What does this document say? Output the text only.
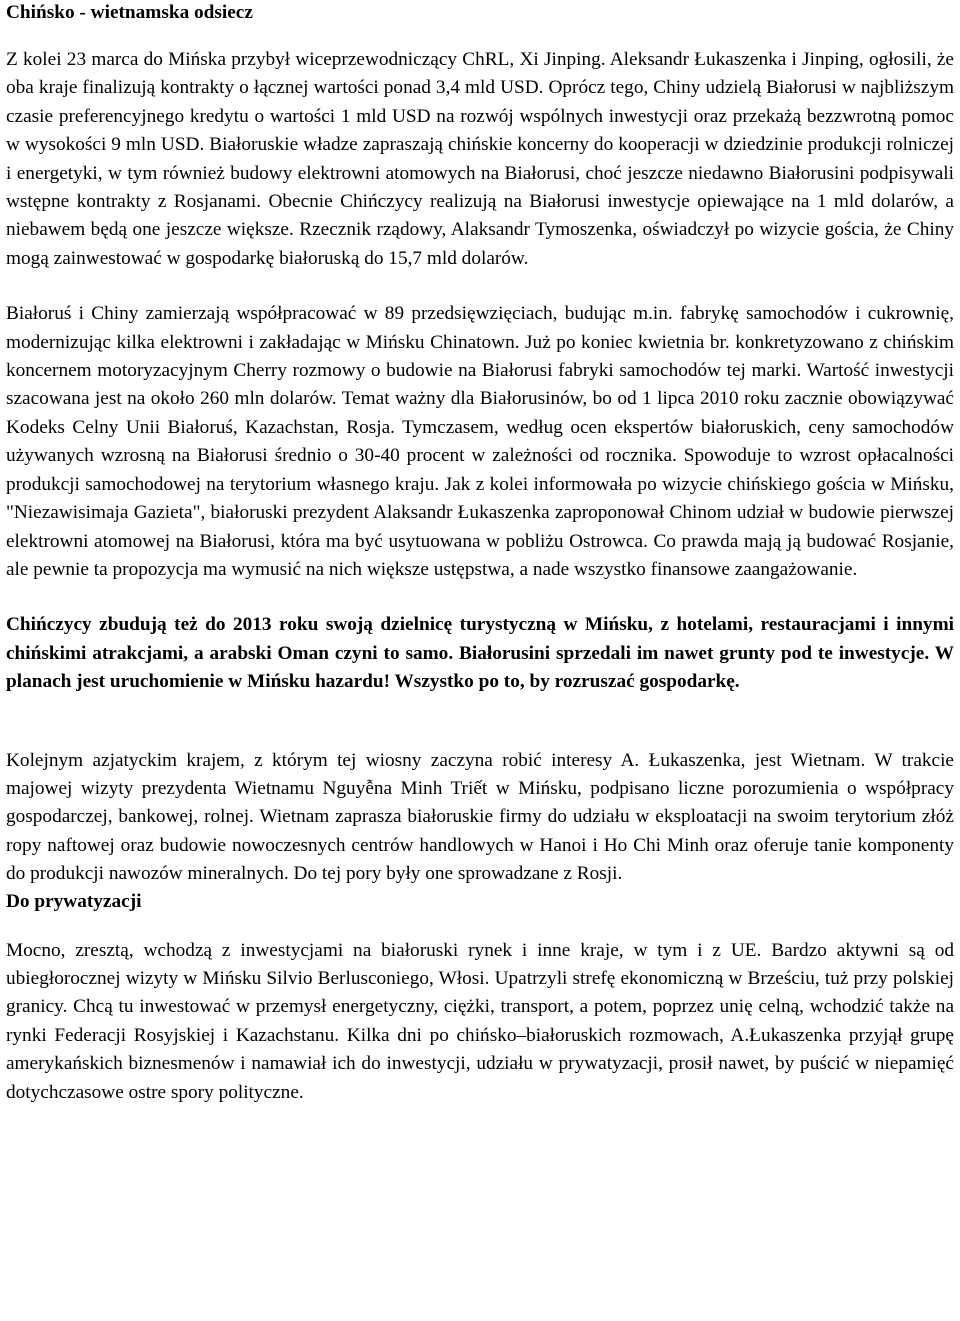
Chińsko - wietnamska odsiecz

Z kolei 23 marca do Mińska przybył wiceprzewodniczący ChRL, Xi Jinping. Aleksandr Łukaszenka i Jinping, ogłosili, że oba kraje finalizują kontrakty o łącznej wartości ponad 3,4 mld USD. Oprócz tego, Chiny udzielą Białorusi w najbliższym czasie preferencyjnego kredytu o wartości 1 mld USD na rozwój wspólnych inwestycji oraz przekażą bezzwrotną pomoc w wysokości 9 mln USD. Białoruskie władze zapraszają chińskie koncerny do kooperacji w dziedzinie produkcji rolniczej i energetyki, w tym również budowy elektrowni atomowych na Białorusi, choć jeszcze niedawno Białorusini podpisywali wstępne kontrakty z Rosjanami. Obecnie Chińczycy realizują na Białorusi inwestycje opiewające na 1 mld dolarów, a niebawem będą one jeszcze większe. Rzecznik rządowy, Alaksandr Tymoszenka, oświadczył po wizycie gościa, że Chiny mogą zainwestować w gospodarkę białoruską do 15,7 mld dolarów.

Białoruś i Chiny zamierzają współpracować w 89 przedsięwzięciach, budując m.in. fabrykę samochodów i cukrownię, modernizując kilka elektrowni i zakładając w Mińsku Chinatown. Już po koniec kwietnia br. konkretyzowano z chińskim koncernem motoryzacyjnym Cherry rozmowy o budowie na Białorusi fabryki samochodów tej marki. Wartość inwestycji szacowana jest na około 260 mln dolarów. Temat ważny dla Białorusinów, bo od 1 lipca 2010 roku zacznie obowiązywać Kodeks Celny Unii Białoruś, Kazachstan, Rosja. Tymczasem, według ocen ekspertów białoruskich, ceny samochodów używanych wzrosną na Białorusi średnio o 30-40 procent w zależności od rocznika. Spowoduje to wzrost opłacalności produkcji samochodowej na terytorium własnego kraju. Jak z kolei informowała po wizycie chińskiego gościa w Mińsku, "Niezawisimaja Gazieta", białoruski prezydent Alaksandr Łukaszenka zaproponował Chinom udział w budowie pierwszej elektrowni atomowej na Białorusi, która ma być usytuowana w pobliżu Ostrowca. Co prawda mają ją budować Rosjanie, ale pewnie ta propozycja ma wymusić na nich większe ustępstwa, a nade wszystko finansowe zaangażowanie.

Chińczycy zbudują też do 2013 roku swoją dzielnicę turystyczną w Mińsku, z hotelami, restauracjami i innymi chińskimi atrakcjami, a arabski Oman czyni to samo. Białorusini sprzedali im nawet grunty pod te inwestycje. W planach jest uruchomienie w Mińsku hazardu! Wszystko po to, by rozruszać gospodarkę.

Kolejnym azjatyckim krajem, z którym tej wiosny zaczyna robić interesy A. Łukaszenka, jest Wietnam. W trakcie majowej wizyty prezydenta Wietnamu Nguyễna Minh Triết w Mińsku, podpisano liczne porozumienia o współpracy gospodarczej, bankowej, rolnej. Wietnam zaprasza białoruskie firmy do udziału w eksploatacji na swoim terytorium złóż ropy naftowej oraz budowie nowoczesnych centrów handlowych w Hanoi i Ho Chi Minh oraz oferuje tanie komponenty do produkcji nawozów mineralnych. Do tej pory były one sprowadzane z Rosji.

Do prywatyzacji

Mocno, zresztą, wchodzą z inwestycjami na białoruski rynek i inne kraje, w tym i z UE. Bardzo aktywni są od ubiegłorocznej wizyty w Mińsku Silvio Berlusconiego, Włosi. Upatrzyli strefę ekonomiczną w Brześciu, tuż przy polskiej granicy. Chcą tu inwestować w przemysł energetyczny, ciężki, transport, a potem, poprzez unię celną, wchodzić także na rynki Federacji Rosyjskiej i Kazachstanu. Kilka dni po chińsko–białoruskich rozmowach, A.Łukaszenka przyjął grupę amerykańskich biznesmenów i namawiał ich do inwestycji, udziału w prywatyzacji, prosił nawet, by puścić w niepamięć dotychczasowe ostre spory polityczne.
